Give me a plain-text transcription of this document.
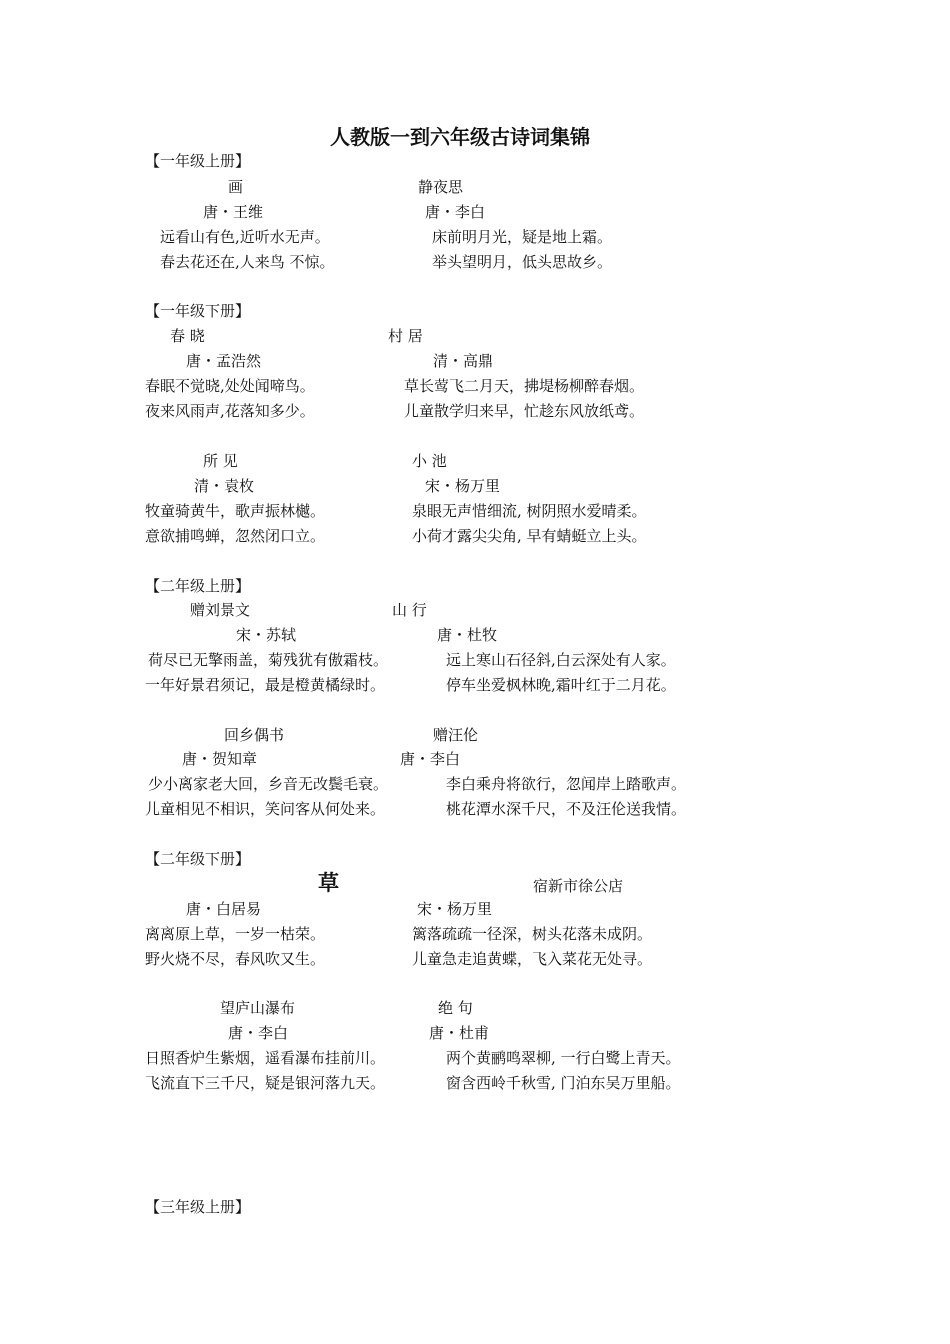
人教版一到六年级古诗词集锦
【一年级上册】
画
唐・王维
远看山有色,近听水无声。
春去花还在,人来鸟 不惊。
静夜思
唐・李白
床前明月光，疑是地上霜。
举头望明月，低头思故乡。
【一年级下册】
春 晓
唐・孟浩然
春眠不觉晓,处处闻啼鸟。
夜来风雨声,花落知多少。
村 居
清・高鼎
草长莺飞二月天，拂堤杨柳醉春烟。
儿童散学归来早，忙趁东风放纸鸢。
所 见
清・袁枚
牧童骑黄牛，歌声振林樾。
意欲捕鸣蝉，忽然闭口立。
小 池
宋・杨万里
泉眼无声惜细流, 树阴照水爱晴柔。
小荷才露尖尖角, 早有蜻蜓立上头。
【二年级上册】
赠刘景文
宋・苏轼
荷尽已无擎雨盖，菊残犹有傲霜枝。
一年好景君须记，最是橙黄橘绿时。
山 行
唐・杜牧
远上寒山石径斜,白云深处有人家。
停车坐爱枫林晚,霜叶红于二月花。
回乡偶书
唐・贺知章
少小离家老大回，乡音无改鬓毛衰。
儿童相见不相识，笑问客从何处来。
赠汪伦
唐・李白
李白乘舟将欲行，忽闻岸上踏歌声。
桃花潭水深千尺，不及汪伦送我情。
【二年级下册】
草
唐・白居易
离离原上草，一岁一枯荣。
野火烧不尽，春风吹又生。
宿新市徐公店
宋・杨万里
篱落疏疏一径深，树头花落未成阴。
儿童急走追黄蝶，飞入菜花无处寻。
望庐山瀑布
唐・李白
日照香炉生紫烟，遥看瀑布挂前川。
飞流直下三千尺，疑是银河落九天。
绝 句
唐・杜甫
两个黄鹂鸣翠柳, 一行白鹭上青天。
窗含西岭千秋雪, 门泊东吴万里船。
【三年级上册】
